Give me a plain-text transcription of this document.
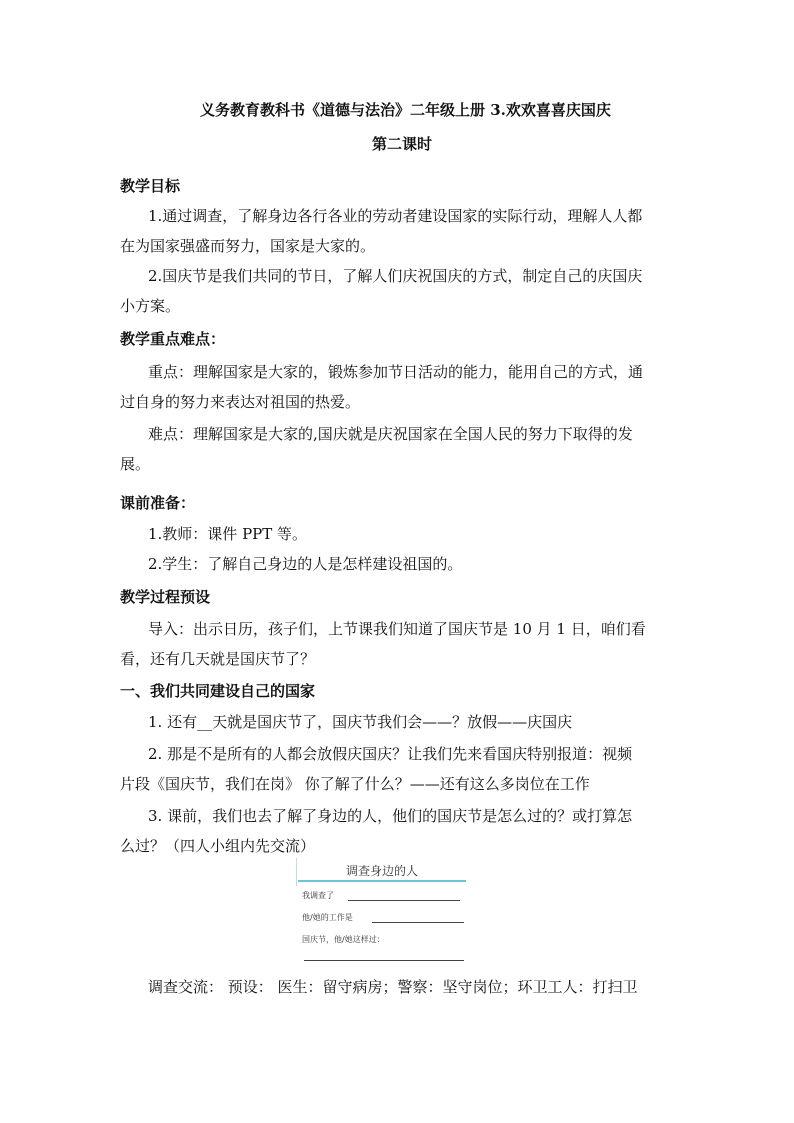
义务教育教科书《道德与法治》二年级上册 3.欢欢喜喜庆国庆
第二课时
教学目标
1.通过调查，了解身边各行各业的劳动者建设国家的实际行动，理解人人都
在为国家强盛而努力，国家是大家的。
2.国庆节是我们共同的节日，了解人们庆祝国庆的方式，制定自己的庆国庆
小方案。
教学重点难点：
重点：理解国家是大家的，锻炼参加节日活动的能力，能用自己的方式，通
过自身的努力来表达对祖国的热爱。
难点：理解国家是大家的,国庆就是庆祝国家在全国人民的努力下取得的发
展。
课前准备：
1.教师：课件 PPT 等。
2.学生：了解自己身边的人是怎样建设祖国的。
教学过程预设
导入：出示日历，孩子们，上节课我们知道了国庆节是 10 月 1 日，咱们看
看，还有几天就是国庆节了？
一、我们共同建设自己的国家
1. 还有__天就是国庆节了，国庆节我们会——？放假——庆国庆
2. 那是不是所有的人都会放假庆国庆？让我们先来看国庆特别报道：视频
片段《国庆节，我们在岗》 你了解了什么？——还有这么多岗位在工作
3. 课前，我们也去了解了身边的人，他们的国庆节是怎么过的？或打算怎
么过？（四人小组内先交流）
调查身边的人
我调查了
他/她的工作是
国庆节，他/她这样过：
调查交流： 预设： 医生：留守病房；警察：坚守岗位；环卫工人：打扫卫
